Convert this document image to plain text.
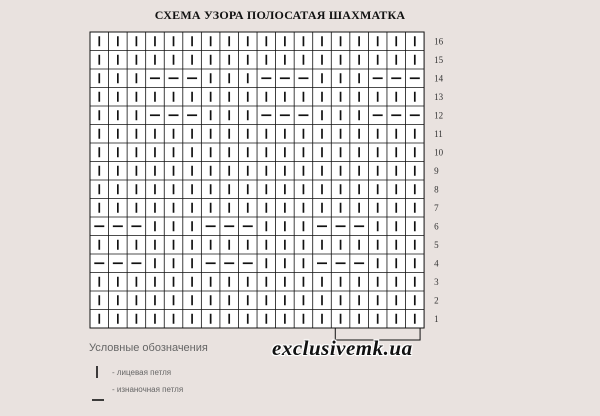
СХЕМА УЗОРА ПОЛОСАТАЯ ШАХМАТКА
1
2
3
4
5
6
7
8
9
10
11
12
13
14
15
16
Условные обозначения
- лицевая петля
- изнаночная петля
exclusivemk.ua
